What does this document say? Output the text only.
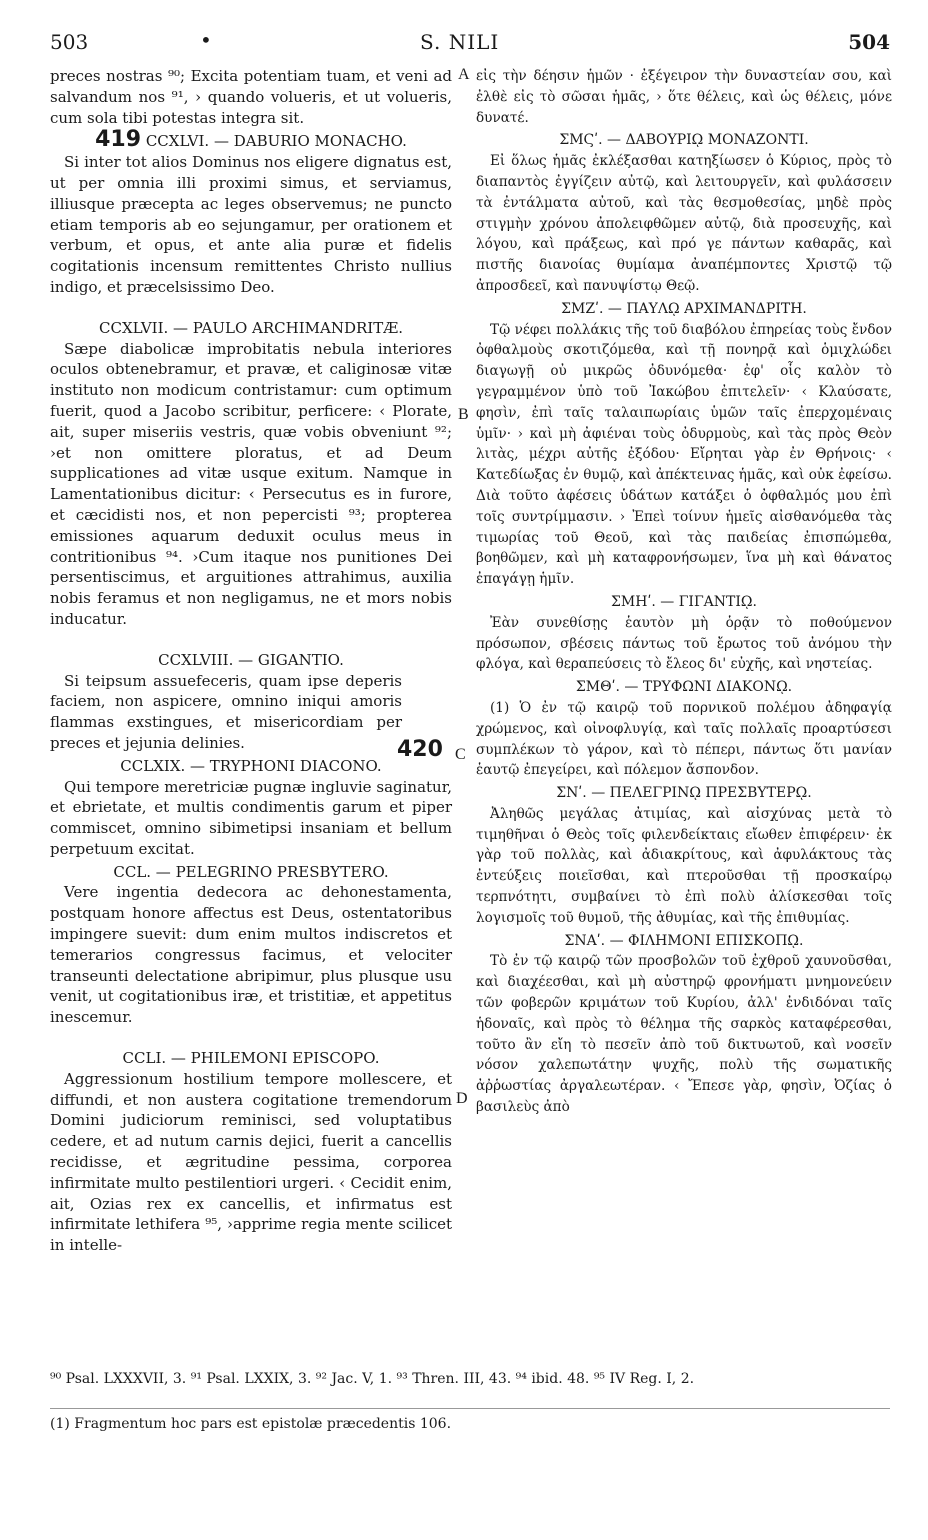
503	•	S. NILI	504
A
B
C
D
420

preces nostras ⁹⁰; Excita potentiam tuam, et veni ad salvandum nos ⁹¹, › quando volueris, et ut volueris, cum sola tibi potestas integra sit.

419 CCXLVI. — DABURIO MONACHO.

Si inter tot alios Dominus nos eligere dignatus est, ut per omnia illi proximi simus, et serviamus, illiusque præcepta ac leges observemus; ne puncto etiam temporis ab eo sejungamur, per orationem et verbum, et opus, et ante alia puræ et fidelis cogitationis incensum remittentes Christo nullius indigo, et præcelsissimo Deo.

CCXLVII. — PAULO ARCHIMANDRITÆ.

Sæpe diabolicæ improbitatis nebula interiores oculos obtenebramur, et pravæ, et caliginosæ vitæ instituto non modicum contristamur: cum optimum fuerit, quod a Jacobo scribitur, perficere: ‹ Plorate, ait, super miseriis vestris, quæ vobis obveniunt ⁹²; ›et non omittere ploratus, et ad Deum supplicationes ad vitæ usque exitum. Namque in Lamentationibus dicitur: ‹ Persecutus es in furore, et cæcidisti nos, et non pepercisti ⁹³; propterea emissiones aquarum deduxit oculus meus in contritionibus ⁹⁴. ›Cum itaque nos punitiones Dei persentiscimus, et arguitiones attrahimus, auxilia nobis feramus et non negligamus, ne et mors nobis inducatur.

CCXLVIII. — GIGANTIO.

Si teipsum assuefeceris, quam ipse deperis faciem, non aspicere, omnino iniqui amoris flammas exstingues, et misericordiam per preces et jejunia delinies.

CCLXIX. — TRYPHONI DIACONO.

Qui tempore meretriciæ pugnæ ingluvie saginatur, et ebrietate, et multis condimentis garum et piper commiscet, omnino sibimetipsi insaniam et bellum perpetuum excitat.

CCL. — PELEGRINO PRESBYTERO.

Vere ingentia dedecora ac dehonestamenta, postquam honore affectus est Deus, ostentatoribus impingere suevit: dum enim multos indiscretos et temerarios congressus facimus, et velociter transeunti delectatione abripimur, plus plusque usu venit, ut cogitationibus iræ, et tristitiæ, et appetitus inescemur.

CCLI. — PHILEMONI EPISCOPO.

Aggressionum hostilium tempore mollescere, et diffundi, et non austera cogitatione tremendorum Domini judiciorum reminisci, sed voluptatibus cedere, et ad nutum carnis dejici, fuerit a cancellis recidisse, et ægritudine pessima, corporea infirmitate multo pestilentiori urgeri. ‹ Cecidit enim, ait, Ozias rex ex cancellis, et infirmatus est infirmitate lethifera ⁹⁵, ›apprime regia mente scilicet in intelle-

εἰς τὴν δέησιν ἡμῶν · ἐξέγειρον τὴν δυναστείαν σου, καὶ ἐλθὲ εἰς τὸ σῶσαι ἡμᾶς, › ὅτε θέλεις, καὶ ὡς θέλεις, μόνε δυνατέ.

ΣΜϚʹ. — ΔΑΒΟΥΡΙῼ ΜΟΝΑΖΟΝΤΙ.

Εἰ ὅλως ἡμᾶς ἐκλέξασθαι κατηξίωσεν ὁ Κύριος, πρὸς τὸ διαπαντὸς ἐγγίζειν αὐτῷ, καὶ λειτουργεῖν, καὶ φυλάσσειν τὰ ἐντάλματα αὐτοῦ, καὶ τὰς θεσμοθεσίας, μηδὲ πρὸς στιγμὴν χρόνου ἀπολειφθῶμεν αὐτῷ, διὰ προσευχῆς, καὶ λόγου, καὶ πράξεως, καὶ πρό γε πάντων καθαρᾶς, καὶ πιστῆς διανοίας θυμίαμα ἀναπέμποντες Χριστῷ τῷ ἀπροσδεεῖ, καὶ πανυψίστῳ Θεῷ.

ΣΜΖʹ. — ΠΑΥΛῼ ΑΡΧΙΜΑΝΔΡΙΤΗ.

Τῷ νέφει πολλάκις τῆς τοῦ διαβόλου ἐπηρείας τοὺς ἔνδον ὀφθαλμοὺς σκοτιζόμεθα, καὶ τῇ πονηρᾷ καὶ ὁμιχλώδει διαγωγῇ οὐ μικρῶς ὀδυνόμεθα· ἐφ' οἷς καλὸν τὸ γεγραμμένον ὑπὸ τοῦ Ἰακώβου ἐπιτελεῖν· ‹ Κλαύσατε, φησὶν, ἐπὶ ταῖς ταλαιπωρίαις ὑμῶν ταῖς ἐπερχομέναις ὑμῖν· › καὶ μὴ ἀφιέναι τοὺς ὀδυρμοὺς, καὶ τὰς πρὸς Θεὸν λιτὰς, μέχρι αὐτῆς ἐξόδου· Εἴρηται γὰρ ἐν Θρήνοις· ‹ Κατεδίωξας ἐν θυμῷ, καὶ ἀπέκτεινας ἡμᾶς, καὶ οὐκ ἐφείσω. Διὰ τοῦτο ἀφέσεις ὑδάτων κατάξει ὁ ὀφθαλμός μου ἐπὶ τοῖς συντρίμμασιν. › Ἐπεὶ τοίνυν ἡμεῖς αἰσθανόμεθα τὰς τιμωρίας τοῦ Θεοῦ, καὶ τὰς παιδείας ἐπισπώμεθα, βοηθῶμεν, καὶ μὴ καταφρονήσωμεν, ἵνα μὴ καὶ θάνατος ἐπαγάγῃ ἡμῖν.

ΣΜΗʹ. — ΓΙΓΑΝΤΙῼ.

Ἐὰν συνεθίσῃς ἑαυτὸν μὴ ὁρᾷν τὸ ποθούμενον πρόσωπον, σβέσεις πάντως τοῦ ἔρωτος τοῦ ἀνόμου τὴν φλόγα, καὶ θεραπεύσεις τὸ ἔλεος δι' εὐχῆς, καὶ νηστείας.

ΣΜΘʹ. — ΤΡΥΦΩΝΙ ΔΙΑΚΟΝῼ.

(1) Ὁ ἐν τῷ καιρῷ τοῦ πορνικοῦ πολέμου ἀδηφαγίᾳ χρώμενος, καὶ οἰνοφλυγίᾳ, καὶ ταῖς πολλαῖς προαρτύσεσι συμπλέκων τὸ γάρον, καὶ τὸ πέπερι, πάντως ὅτι μανίαν ἑαυτῷ ἐπεγείρει, καὶ πόλεμον ἄσπονδον.

ΣΝʹ. — ΠΕΛΕΓΡΙΝῼ ΠΡΕΣΒΥΤΕΡῼ.

Ἀληθῶς μεγάλας ἀτιμίας, καὶ αἰσχύνας μετὰ τὸ τιμηθῆναι ὁ Θεὸς τοῖς φιλενδείκταις εἴωθεν ἐπιφέρειν· ἐκ γὰρ τοῦ πολλὰς, καὶ ἀδιακρίτους, καὶ ἀφυλάκτους τὰς ἐντεύξεις ποιεῖσθαι, καὶ πτεροῦσθαι τῇ προσκαίρῳ τερπνότητι, συμβαίνει τὸ ἐπὶ πολὺ ἀλίσκεσθαι τοῖς λογισμοῖς τοῦ θυμοῦ, τῆς ἀθυμίας, καὶ τῆς ἐπιθυμίας.

ΣΝΑʹ. — ΦΙΛΗΜΟΝΙ ΕΠΙΣΚΟΠῼ.

Τὸ ἐν τῷ καιρῷ τῶν προσβολῶν τοῦ ἐχθροῦ χαυνοῦσθαι, καὶ διαχέεσθαι, καὶ μὴ αὐστηρῷ φρονήματι μνημονεύειν τῶν φοβερῶν κριμάτων τοῦ Κυρίου, ἀλλ' ἐνδιδόναι ταῖς ἡδοναῖς, καὶ πρὸς τὸ θέλημα τῆς σαρκὸς καταφέρεσθαι, τοῦτο ἂν εἴη τὸ πεσεῖν ἀπὸ τοῦ δικτυωτοῦ, καὶ νοσεῖν νόσον χαλεπωτάτην ψυχῆς, πολὺ τῆς σωματικῆς ἀῤῥωστίας ἀργαλεωτέραν. ‹ Ἔπεσε γὰρ, φησὶν, Ὀζίας ὁ βασιλεὺς ἀπὸ

⁹⁰ Psal. LXXXVII, 3. ⁹¹ Psal. LXXIX, 3. ⁹² Jac. V, 1. ⁹³ Thren. III, 43. ⁹⁴ ibid. 48. ⁹⁵ IV Reg. I, 2.
(1) Fragmentum hoc pars est epistolæ præcedentis 106.
